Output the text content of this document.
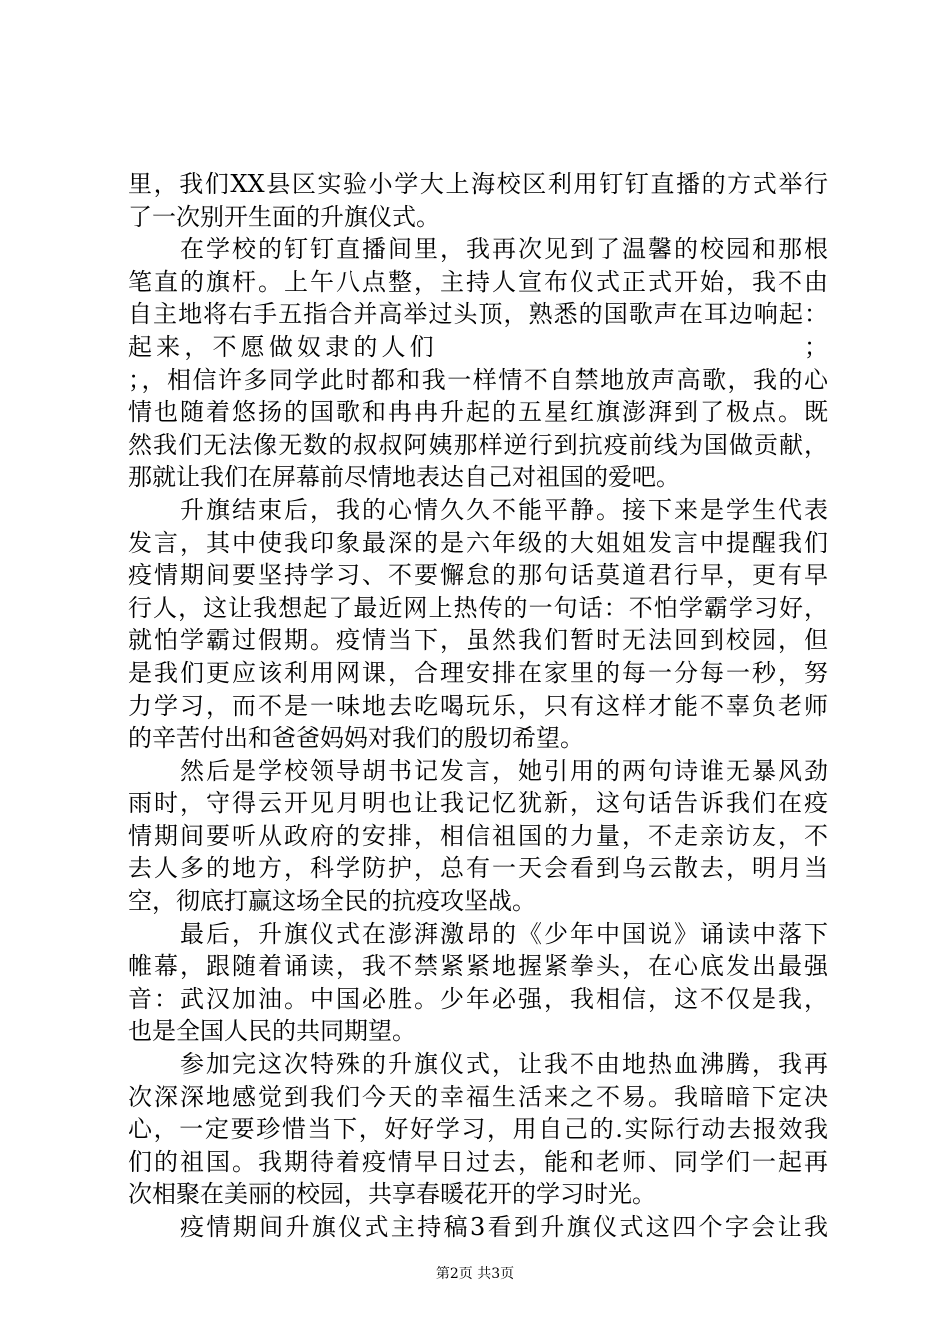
里，我们XX县区实验小学大上海校区利用钉钉直播的方式举行
了一次别开生面的升旗仪式。
在学校的钉钉直播间里，我再次见到了温馨的校园和那根
笔直的旗杆。上午八点整，主持人宣布仪式正式开始，我不由
自主地将右手五指合并高举过头顶，熟悉的国歌声在耳边响起：
起来，不愿做奴隶的人们　　　　　　　　　　　　　；
；，相信许多同学此时都和我一样情不自禁地放声高歌，我的心
情也随着悠扬的国歌和冉冉升起的五星红旗澎湃到了极点。既
然我们无法像无数的叔叔阿姨那样逆行到抗疫前线为国做贡献，
那就让我们在屏幕前尽情地表达自己对祖国的爱吧。
升旗结束后，我的心情久久不能平静。接下来是学生代表
发言，其中使我印象最深的是六年级的大姐姐发言中提醒我们
疫情期间要坚持学习、不要懈怠的那句话莫道君行早，更有早
行人，这让我想起了最近网上热传的一句话：不怕学霸学习好，
就怕学霸过假期。疫情当下，虽然我们暂时无法回到校园，但
是我们更应该利用网课，合理安排在家里的每一分每一秒，努
力学习，而不是一味地去吃喝玩乐，只有这样才能不辜负老师
的辛苦付出和爸爸妈妈对我们的殷切希望。
然后是学校领导胡书记发言，她引用的两句诗谁无暴风劲
雨时，守得云开见月明也让我记忆犹新，这句话告诉我们在疫
情期间要听从政府的安排，相信祖国的力量，不走亲访友，不
去人多的地方，科学防护，总有一天会看到乌云散去，明月当
空，彻底打赢这场全民的抗疫攻坚战。
最后，升旗仪式在澎湃激昂的《少年中国说》诵读中落下
帷幕，跟随着诵读，我不禁紧紧地握紧拳头，在心底发出最强
音：武汉加油。中国必胜。少年必强，我相信，这不仅是我，
也是全国人民的共同期望。
参加完这次特殊的升旗仪式，让我不由地热血沸腾，我再
次深深地感觉到我们今天的幸福生活来之不易。我暗暗下定决
心，一定要珍惜当下，好好学习，用自己的.实际行动去报效我
们的祖国。我期待着疫情早日过去，能和老师、同学们一起再
次相聚在美丽的校园，共享春暖花开的学习时光。
疫情期间升旗仪式主持稿3看到升旗仪式这四个字会让我
第2页 共3页
